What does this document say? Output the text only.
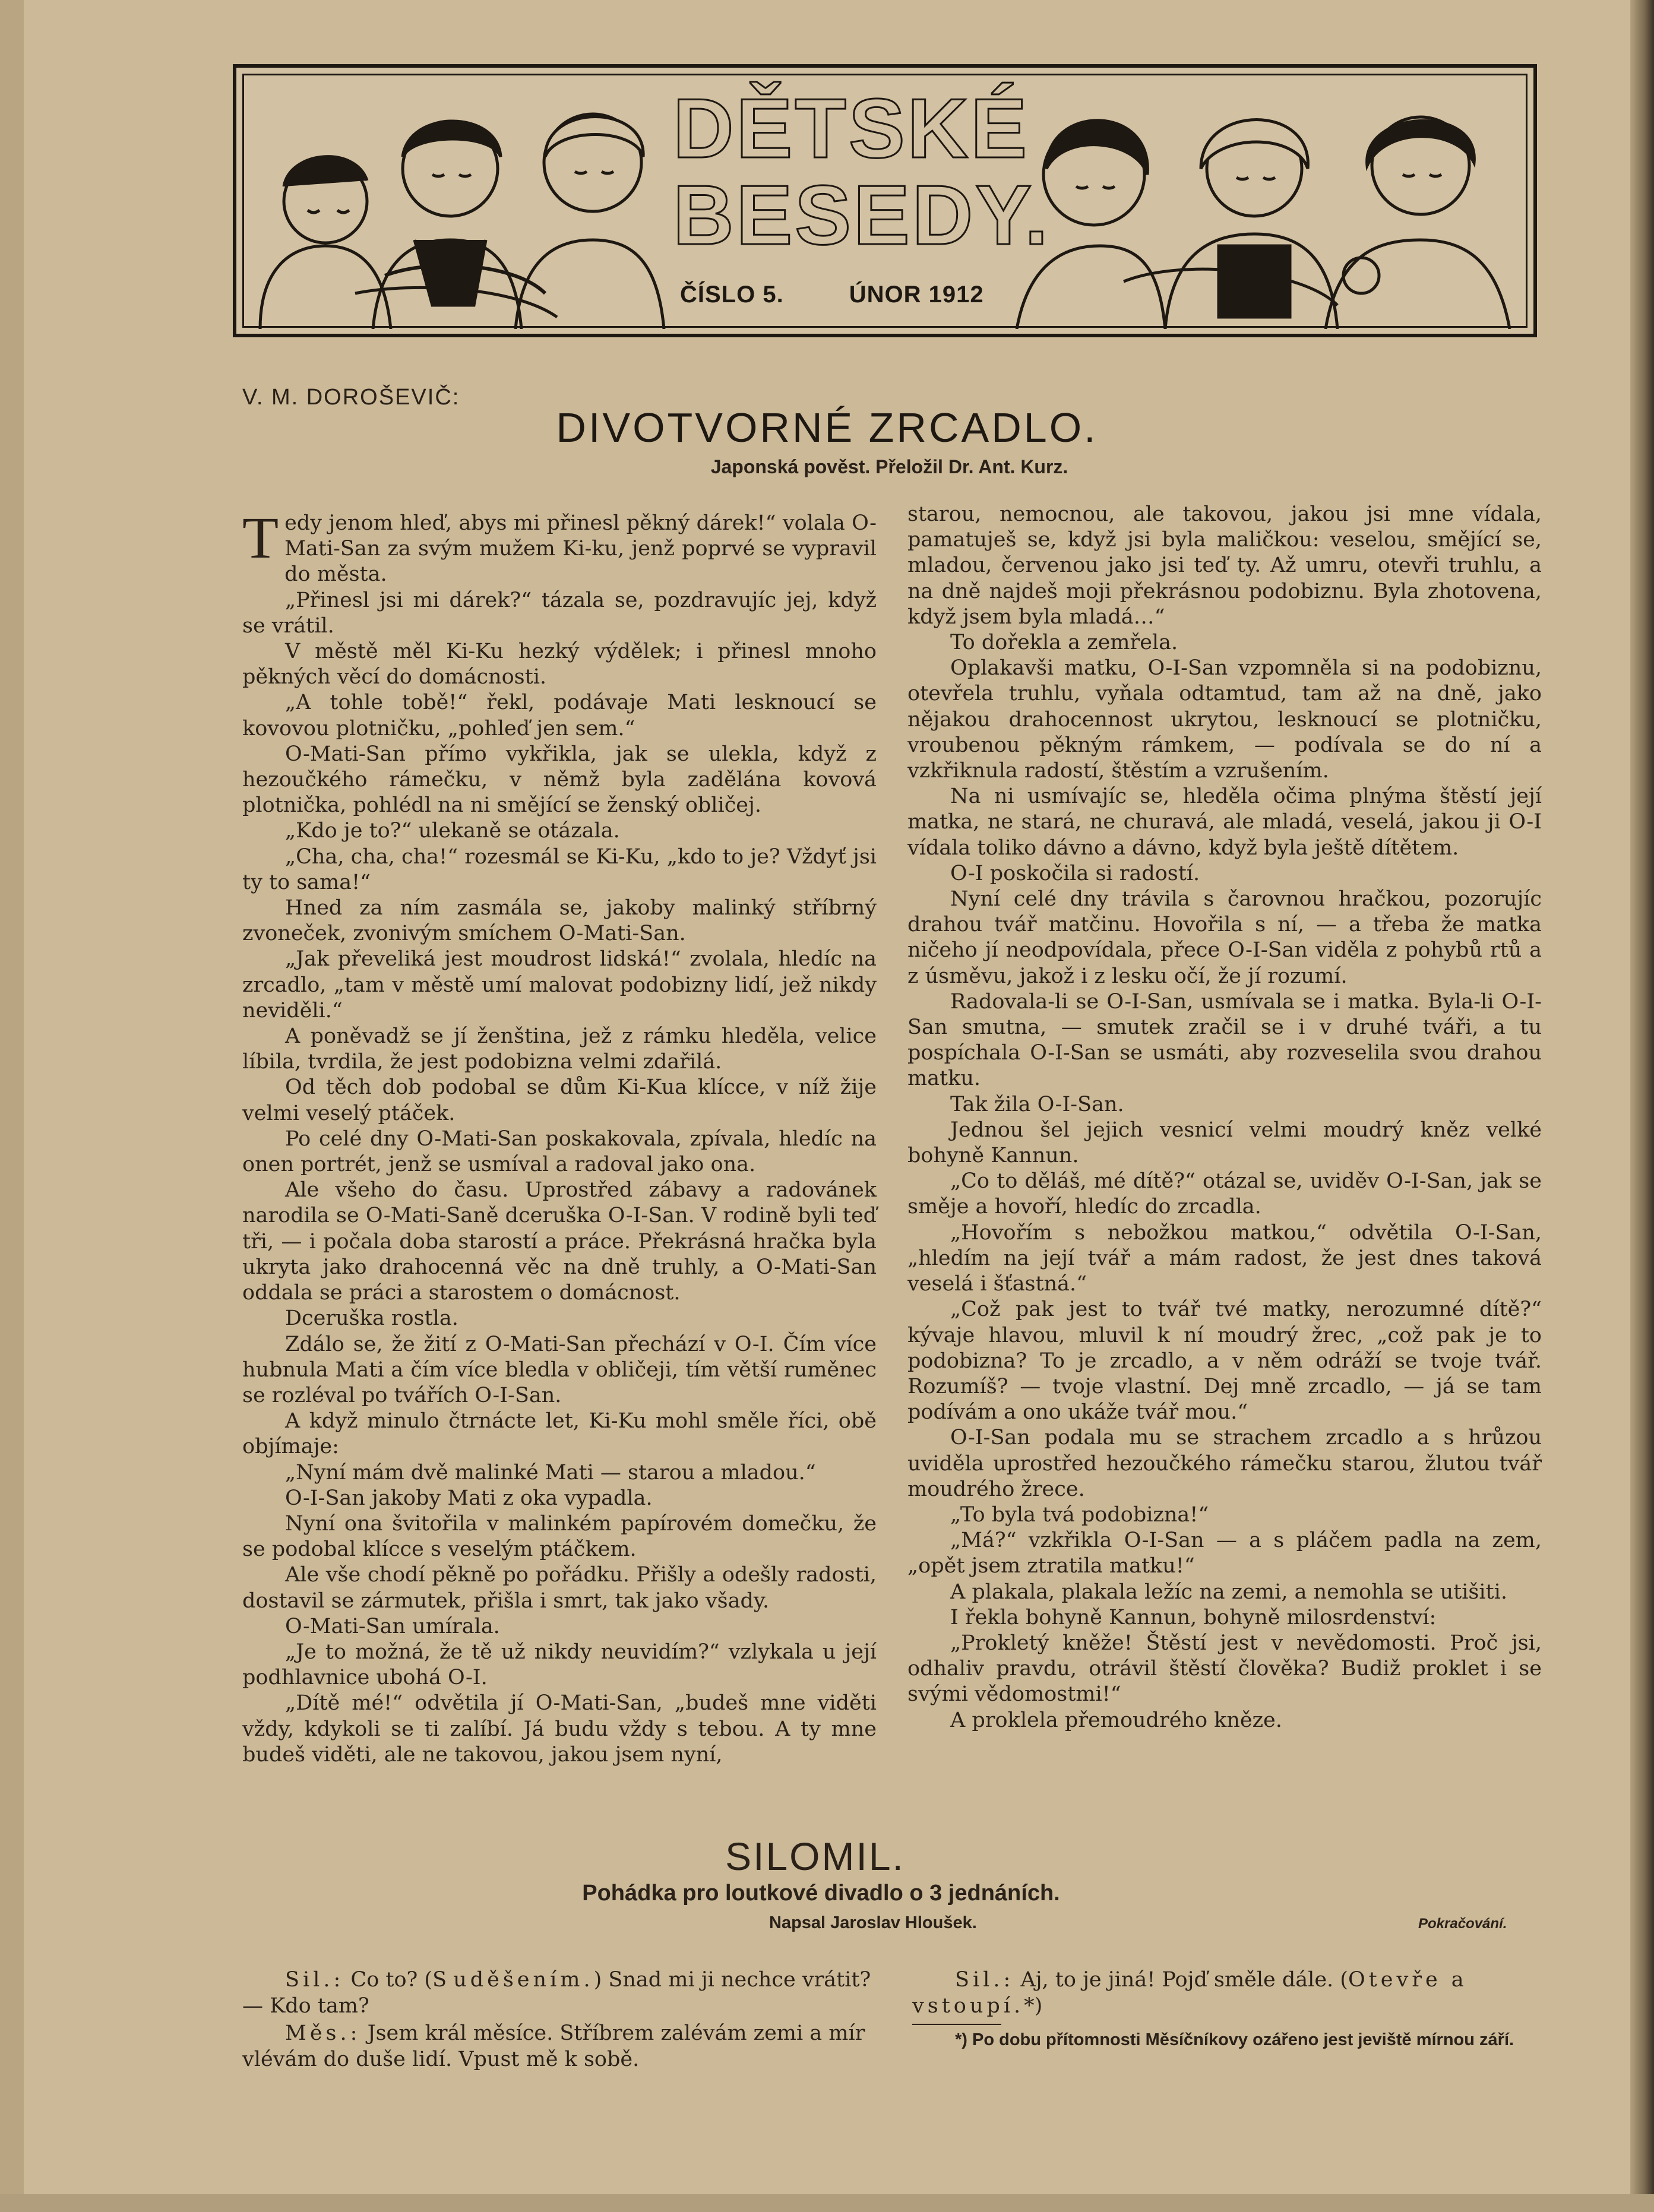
DĚTSKÉ
BESEDY.
ČÍSLO 5.	ÚNOR 1912
V. M. DOROŠEVIČ:
DIVOTVORNÉ ZRCADLO.
Japonská pověst. Přeložil Dr. Ant. Kurz.

Tedy jenom hleď, abys mi přinesl pěkný dárek!“ volala O-Mati-San za svým mužem Ki-ku, jenž poprvé se vypravil do města.

„Přinesl jsi mi dárek?“ tázala se, pozdravujíc jej, když se vrátil.

V městě měl Ki-Ku hezký výdělek; i přinesl mnoho pěkných věcí do domácnosti.

„A tohle tobě!“ řekl, podávaje Mati lesknoucí se kovovou plotničku, „pohleď jen sem.“

O-Mati-San přímo vykřikla, jak se ulekla, když z hezoučkého rámečku, v němž byla zadělána kovová plotnička, pohlédl na ni smějící se ženský obličej.

„Kdo je to?“ ulekaně se otázala.

„Cha, cha, cha!“ rozesmál se Ki-Ku, „kdo to je? Vždyť jsi ty to sama!“

Hned za ním zasmála se, jakoby malinký stříbrný zvoneček, zvonivým smíchem O-Mati-San.

„Jak převeliká jest moudrost lidská!“ zvolala, hledíc na zrcadlo, „tam v městě umí malovat podobizny lidí, jež nikdy neviděli.“

A poněvadž se jí ženština, jež z rámku hleděla, velice líbila, tvrdila, že jest podobizna velmi zdařilá.

Od těch dob podobal se dům Ki-Kua klícce, v níž žije velmi veselý ptáček.

Po celé dny O-Mati-San poskakovala, zpívala, hledíc na onen portrét, jenž se usmíval a radoval jako ona.

Ale všeho do času. Uprostřed zábavy a radovánek narodila se O-Mati-Saně dceruška O-I-San. V rodině byli teď tři, — i počala doba starostí a práce. Překrásná hračka byla ukryta jako drahocenná věc na dně truhly, a O-Mati-San oddala se práci a starostem o domácnost.

Dceruška rostla.

Zdálo se, že žití z O-Mati-San přechází v O-I. Čím více hubnula Mati a čím více bledla v obličeji, tím větší ruměnec se rozléval po tvářích O-I-San.

A když minulo čtrnácte let, Ki-Ku mohl směle říci, obě objímaje:

„Nyní mám dvě malinké Mati — starou a mladou.“

O-I-San jakoby Mati z oka vypadla.

Nyní ona švitořila v malinkém papírovém domečku, že se podobal klícce s veselým ptáčkem.

Ale vše chodí pěkně po pořádku. Přišly a odešly radosti, dostavil se zármutek, přišla i smrt, tak jako všady.

O-Mati-San umírala.

„Je to možná, že tě už nikdy neuvidím?“ vzlykala u její podhlavnice ubohá O-I.

„Dítě mé!“ odvětila jí O-Mati-San, „budeš mne viděti vždy, kdykoli se ti zalíbí. Já budu vždy s tebou. A ty mne budeš viděti, ale ne takovou, jakou jsem nyní,

starou, nemocnou, ale takovou, jakou jsi mne vídala, pamatuješ se, když jsi byla maličkou: veselou, smějící se, mladou, červenou jako jsi teď ty. Až umru, otevři truhlu, a na dně najdeš moji překrásnou podobiznu. Byla zhotovena, když jsem byla mladá…“

To dořekla a zemřela.

Oplakavši matku, O-I-San vzpomněla si na podobiznu, otevřela truhlu, vyňala odtamtud, tam až na dně, jako nějakou drahocennost ukrytou, lesknoucí se plotničku, vroubenou pěkným rámkem, — podívala se do ní a vzkřiknula radostí, štěstím a vzrušením.

Na ni usmívajíc se, hleděla očima plnýma štěstí její matka, ne stará, ne churavá, ale mladá, veselá, jakou ji O-I vídala toliko dávno a dávno, když byla ještě dítětem.

O-I poskočila si radostí.

Nyní celé dny trávila s čarovnou hračkou, pozorujíc drahou tvář matčinu. Hovořila s ní, — a třeba že matka ničeho jí neodpovídala, přece O-I-San viděla z pohybů rtů a z úsměvu, jakož i z lesku očí, že jí rozumí.

Radovala-li se O-I-San, usmívala se i matka. Byla-li O-I-San smutna, — smutek zračil se i v druhé tváři, a tu pospíchala O-I-San se usmáti, aby rozveselila svou drahou matku.

Tak žila O-I-San.

Jednou šel jejich vesnicí velmi moudrý kněz velké bohyně Kannun.

„Co to děláš, mé dítě?“ otázal se, uviděv O-I-San, jak se směje a hovoří, hledíc do zrcadla.

„Hovořím s nebožkou matkou,“ odvětila O-I-San, „hledím na její tvář a mám radost, že jest dnes taková veselá i šťastná.“

„Což pak jest to tvář tvé matky, nerozumné dítě?“ kývaje hlavou, mluvil k ní moudrý žrec, „což pak je to podobizna? To je zrcadlo, a v něm odráží se tvoje tvář. Rozumíš? — tvoje vlastní. Dej mně zrcadlo, — já se tam podívám a ono ukáže tvář mou.“

O-I-San podala mu se strachem zrcadlo a s hrůzou uviděla uprostřed hezoučkého rámečku starou, žlutou tvář moudrého žrece.

„To byla tvá podobizna!“

„Má?“ vzkřikla O-I-San — a s pláčem padla na zem, „opět jsem ztratila matku!“

A plakala, plakala ležíc na zemi, a nemohla se utišiti.

I řekla bohyně Kannun, bohyně milosrdenství:

„Prokletý kněže! Štěstí jest v nevědomosti. Proč jsi, odhaliv pravdu, otrávil štěstí člověka? Budiž proklet i se svými vědomostmi!“

A proklela přemoudrého kněze.

SILOMIL.
Pohádka pro loutkové divadlo o 3 jednáních.
Napsal Jaroslav Hloušek.	Pokračování.

Sil.: Co to? (S uděšením.) Snad mi ji nechce vrátit? — Kdo tam?

Měs.: Jsem král měsíce. Stříbrem zalévám zemi a mír vlévám do duše lidí. Vpust mě k sobě.

Sil.: Aj, to je jiná! Pojď směle dále. (Otevře a vstoupí.*)

*) Po dobu přítomnosti Měsíčníkovy ozářeno jest jeviště mírnou září.
